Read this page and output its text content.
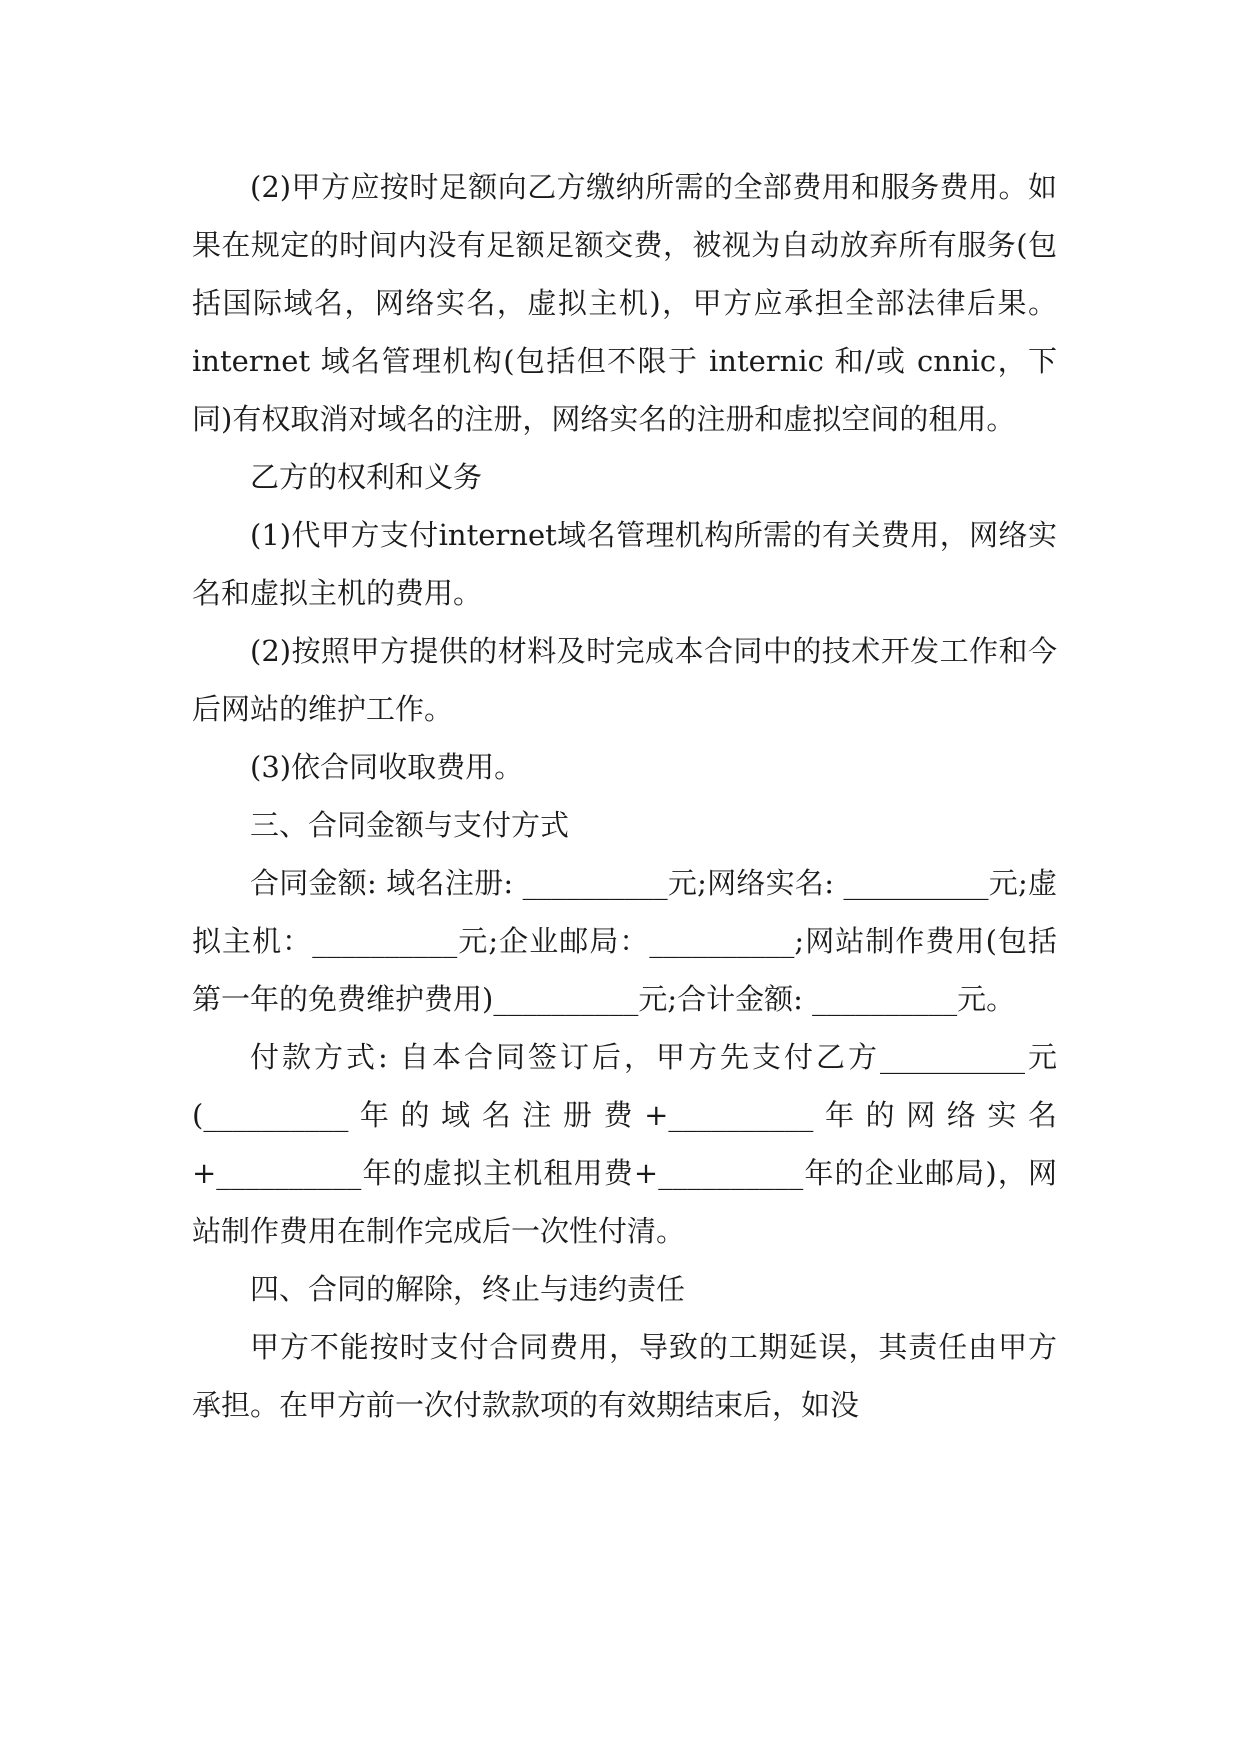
(2)甲方应按时足额向乙方缴纳所需的全部费用和服务费用。如果在规定的时间内没有足额足额交费，被视为自动放弃所有服务(包括国际域名，网络实名，虚拟主机)，甲方应承担全部法律后果。internet 域名管理机构(包括但不限于 internic 和/或 cnnic，下同)有权取消对域名的注册，网络实名的注册和虚拟空间的租用。

乙方的权利和义务

(1)代甲方支付internet域名管理机构所需的有关费用，网络实名和虚拟主机的费用。

(2)按照甲方提供的材料及时完成本合同中的技术开发工作和今后网站的维护工作。

(3)依合同收取费用。

三、合同金额与支付方式

合同金额: 域名注册: __________元;网络实名: __________元;虚拟主机：__________元;企业邮局：__________;网站制作费用(包括第一年的免费维护费用)__________元;合计金额: __________元。

付款方式: 自本合同签订后，甲方先支付乙方__________元(__________年的域名注册费+__________年的网络实名+__________年的虚拟主机租用费+__________年的企业邮局)，网站制作费用在制作完成后一次性付清。

四、合同的解除，终止与违约责任

甲方不能按时支付合同费用，导致的工期延误，其责任由甲方承担。在甲方前一次付款款项的有效期结束后，如没
